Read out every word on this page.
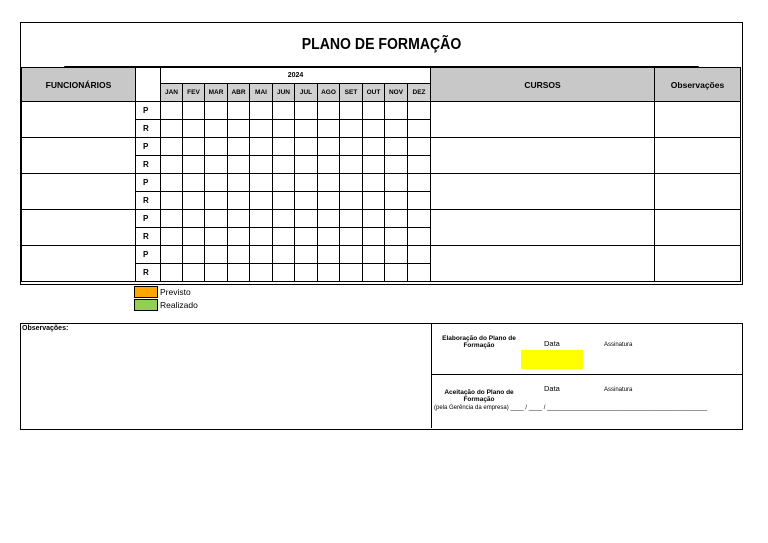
PLANO DE FORMAÇÃO
FUNCIONÁRIOS		2024												CURSOS	Observações
		JAN	FEV	MAR	ABR	MAI	JUN	JUL	AGO	SET	OUT	NOV	DEZ		
	P														
	R														
	P														
	R														
	P														
	R														
	P														
	R														
	P														
	R														
Previsto
Realizado
Observações:
Elaboração do Plano de
Formação	Data	Assinatura
Aceitação do Plano de
Formação
Data	Assinatura
(pela Gerência da empresa) ____ / ____ / ________________________________________________
